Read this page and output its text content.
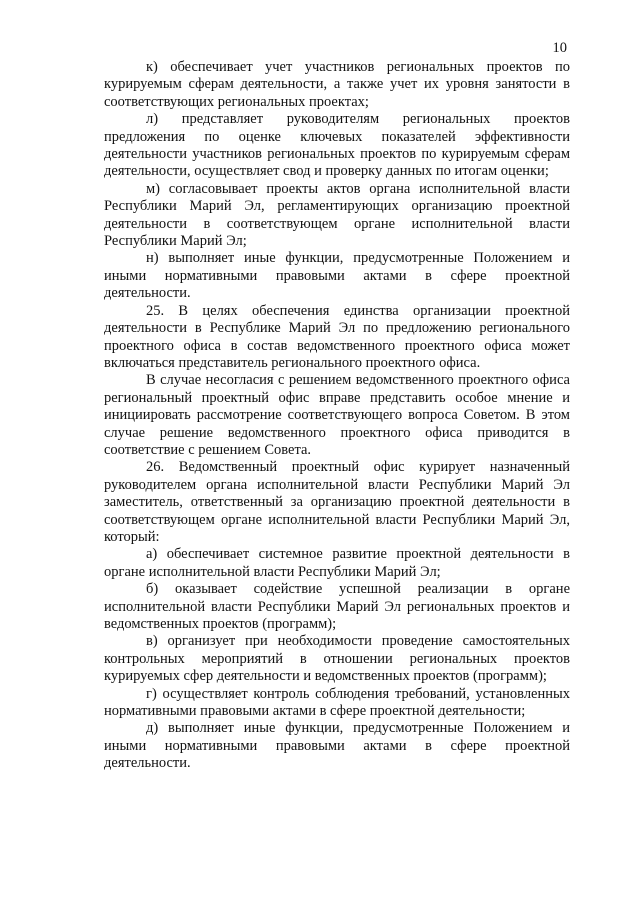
10

к) обеспечивает учет участников региональных проектов по курируемым сферам деятельности, а также учет их уровня занятости в соответствующих региональных проектах;

л) представляет руководителям региональных проектов предложения по оценке ключевых показателей эффективности деятельности участников региональных проектов по курируемым сферам деятельности, осуществляет свод и проверку данных по итогам оценки;

м) согласовывает проекты актов органа исполнительной власти Республики Марий Эл, регламентирующих организацию проектной деятельности в соответствующем органе исполнительной власти Республики Марий Эл;

н) выполняет иные функции, предусмотренные Положением и иными нормативными правовыми актами в сфере проектной деятельности.

25. В целях обеспечения единства организации проектной деятельности в Республике Марий Эл по предложению регионального проектного офиса в состав ведомственного проектного офиса может включаться представитель регионального проектного офиса.

В случае несогласия с решением ведомственного проектного офиса региональный проектный офис вправе представить особое мнение и инициировать рассмотрение соответствующего вопроса Советом. В этом случае решение ведомственного проектного офиса приводится в соответствие с решением Совета.

26. Ведомственный проектный офис курирует назначенный руководителем органа исполнительной власти Республики Марий Эл заместитель, ответственный за организацию проектной деятельности в соответствующем органе исполнительной власти Республики Марий Эл, который:

а) обеспечивает системное развитие проектной деятельности в органе исполнительной власти Республики Марий Эл;

б) оказывает содействие успешной реализации в органе исполнительной власти Республики Марий Эл региональных проектов и ведомственных проектов (программ);

в) организует при необходимости проведение самостоятельных контрольных мероприятий в отношении региональных проектов курируемых сфер деятельности и ведомственных проектов (программ);

г) осуществляет контроль соблюдения требований, установленных нормативными правовыми актами в сфере проектной деятельности;

д) выполняет иные функции, предусмотренные Положением и иными нормативными правовыми актами в сфере проектной деятельности.
